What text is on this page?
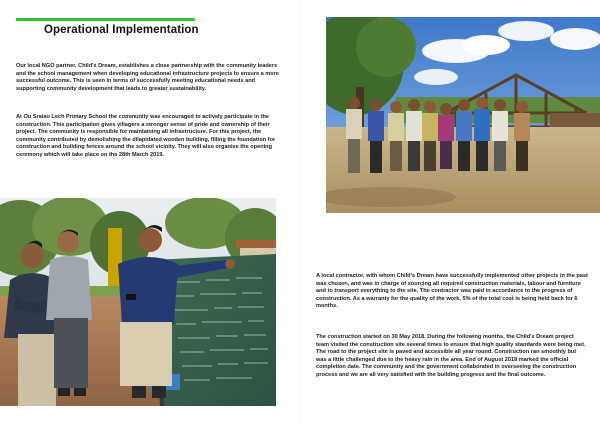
Operational Implementation

Our local NGO partner, Child's Dream, establishes a close partnership with the community leaders and the school management when developing educational infrastructure projects to ensure a more successful outcome. This is seen in terms of successfully meeting educational needs and supporting community development that leads to greater sustainability.

At Ou Sralao Lech Primary School the community was encouraged to actively participate in the construction. This participation gives villagers a stronger sense of pride and ownership of their project. The community is responsible for maintaining all infrastructure. For this project, the community contributed by demolishing the dilapidated wooden building, filling the foundation for construction and building fences around the school vicinity. They will also organise the opening ceremony which will take place on the 28th March 2019.

A local contractor, with whom Child's Dream have successfully implemented other projects in the past was chosen, and was in charge of sourcing all required construction materials, labour and furniture and to transport everything to the site. The contractor was paid in accordance to the progress of construction. As a warranty for the quality of the work, 5% of the total cost is being held back for 6 months.

The construction started on 30 May 2018. During the following months, the Child's Dream project team visited the construction site several times to ensure that high quality standards were being met. The road to the project site is paved and accessible all year round. Construction ran smoothly but was a little challenged due to the heavy rain in the area. End of August 2018 marked the official completion date. The community and the government collaborated in overseeing the construction process and we are all very satisfied with the building progress and the final outcome.
